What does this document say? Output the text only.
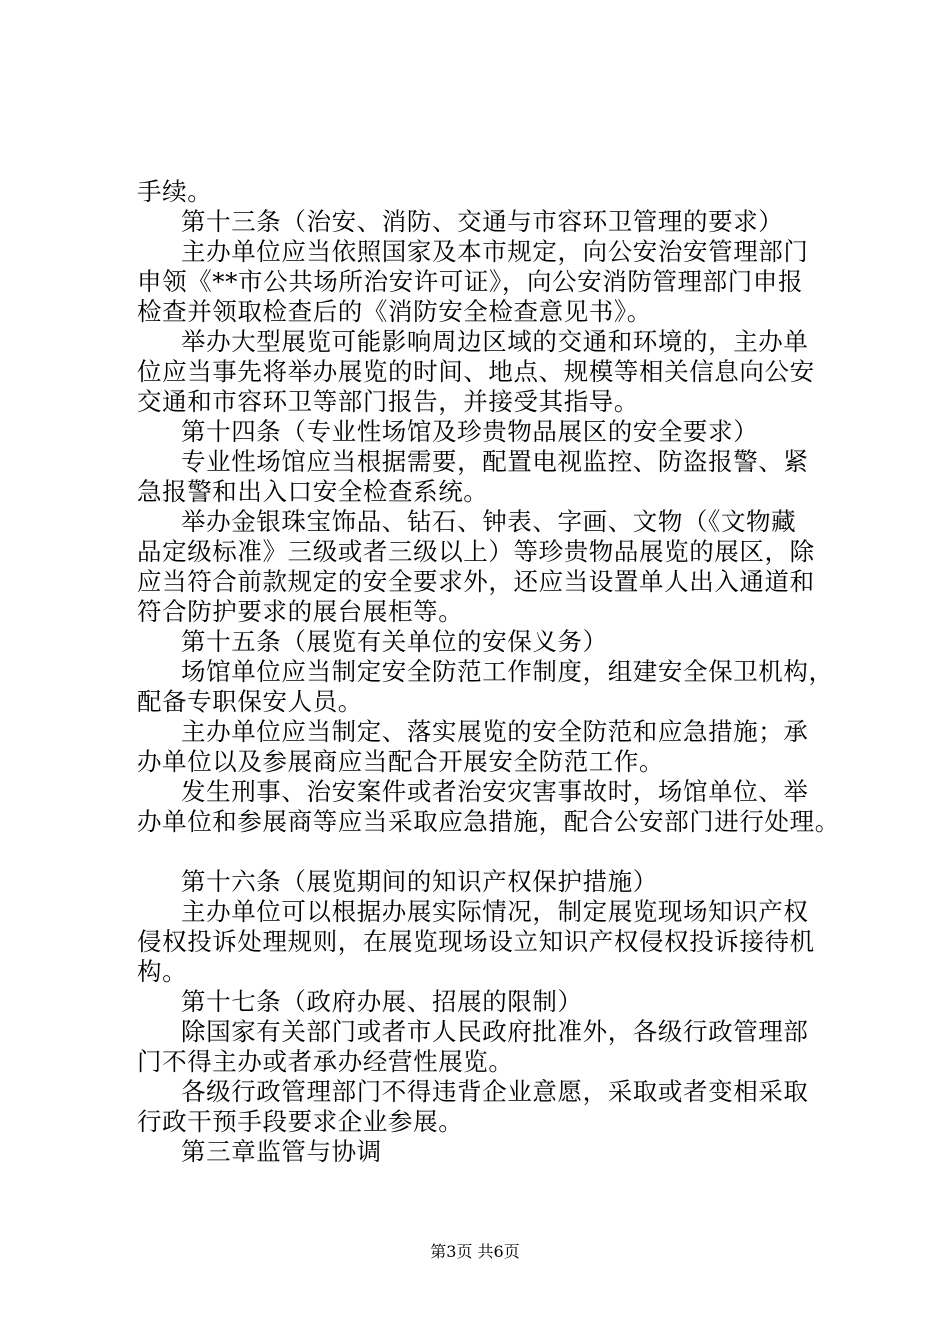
手续。
第十三条（治安、消防、交通与市容环卫管理的要求）
主办单位应当依照国家及本市规定，向公安治安管理部门
申领《**市公共场所治安许可证》，向公安消防管理部门申报
检查并领取检查后的《消防安全检查意见书》。
举办大型展览可能影响周边区域的交通和环境的，主办单
位应当事先将举办展览的时间、地点、规模等相关信息向公安
交通和市容环卫等部门报告，并接受其指导。
第十四条（专业性场馆及珍贵物品展区的安全要求）
专业性场馆应当根据需要，配置电视监控、防盗报警、紧
急报警和出入口安全检查系统。
举办金银珠宝饰品、钻石、钟表、字画、文物（《文物藏
品定级标准》三级或者三级以上）等珍贵物品展览的展区，除
应当符合前款规定的安全要求外，还应当设置单人出入通道和
符合防护要求的展台展柜等。
第十五条（展览有关单位的安保义务）
场馆单位应当制定安全防范工作制度，组建安全保卫机构，
配备专职保安人员。
主办单位应当制定、落实展览的安全防范和应急措施；承
办单位以及参展商应当配合开展安全防范工作。
发生刑事、治安案件或者治安灾害事故时，场馆单位、举
办单位和参展商等应当采取应急措施，配合公安部门进行处理。
第十六条（展览期间的知识产权保护措施）
主办单位可以根据办展实际情况，制定展览现场知识产权
侵权投诉处理规则，在展览现场设立知识产权侵权投诉接待机
构。
第十七条（政府办展、招展的限制）
除国家有关部门或者市人民政府批准外，各级行政管理部
门不得主办或者承办经营性展览。
各级行政管理部门不得违背企业意愿，采取或者变相采取
行政干预手段要求企业参展。
第三章监管与协调
第3页 共6页
